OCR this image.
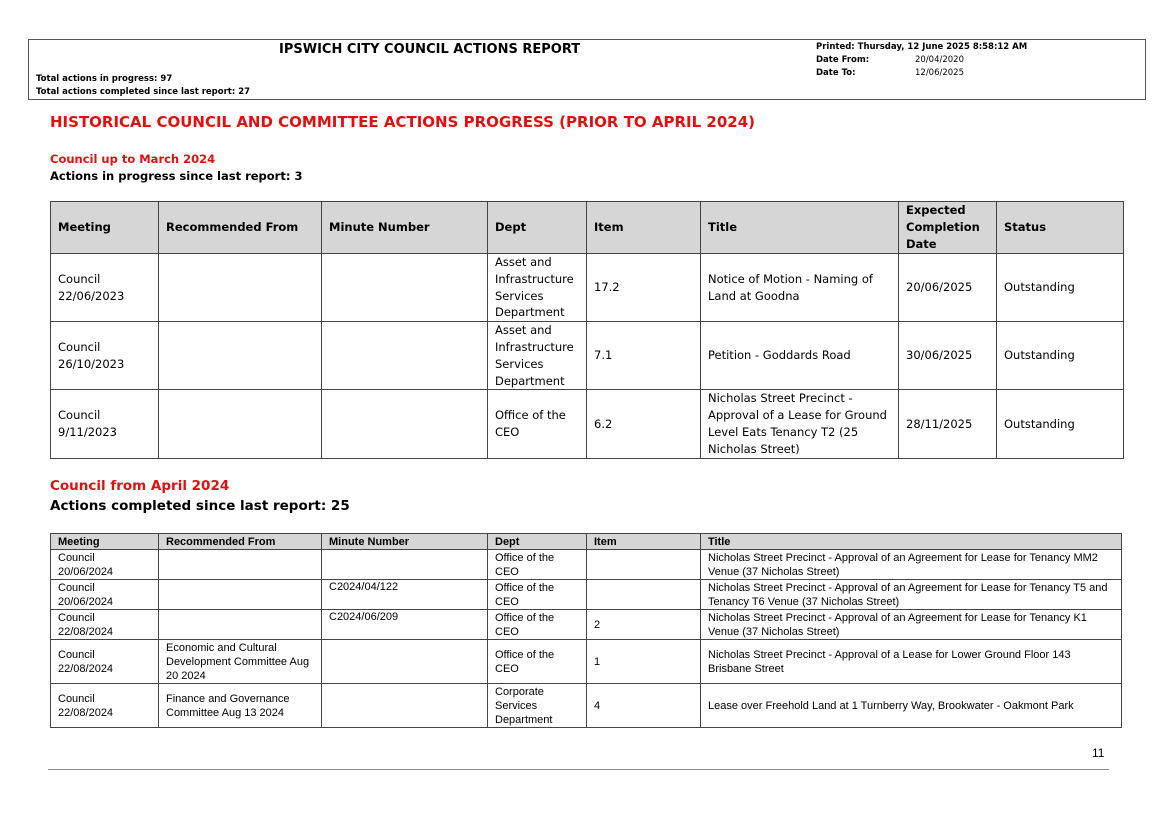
IPSWICH CITY COUNCIL ACTIONS REPORT
Total actions in progress: 97
Total actions completed since last report: 27
Printed: Thursday, 12 June 2025 8:58:12 AM
Date From:	20/04/2020
Date To:	12/06/2025
HISTORICAL COUNCIL AND COMMITTEE ACTIONS PROGRESS (PRIOR TO APRIL 2024)
Council up to March 2024
Actions in progress since last report: 3
Meeting	Recommended From	Minute Number	Dept	Item	Title	Expected Completion Date	Status
Council 22/06/2023			Asset and Infrastructure Services Department	17.2	Notice of Motion - Naming of Land at Goodna	20/06/2025	Outstanding
Council 26/10/2023			Asset and Infrastructure Services Department	7.1	Petition - Goddards Road	30/06/2025	Outstanding
Council 9/11/2023			Office of the CEO	6.2	Nicholas Street Precinct - Approval of a Lease for Ground Level Eats Tenancy T2 (25 Nicholas Street)	28/11/2025	Outstanding
Council from April 2024
Actions completed since last report: 25
Meeting	Recommended From	Minute Number	Dept	Item	Title
Council 20/06/2024			Office of the CEO		Nicholas Street Precinct - Approval of an Agreement for Lease for Tenancy MM2 Venue (37 Nicholas Street)
Council 20/06/2024		C2024/04/122	Office of the CEO		Nicholas Street Precinct - Approval of an Agreement for Lease for Tenancy T5 and Tenancy T6 Venue (37 Nicholas Street)
Council 22/08/2024		C2024/06/209	Office of the CEO	2	Nicholas Street Precinct - Approval of an Agreement for Lease for Tenancy K1 Venue (37 Nicholas Street)
Council 22/08/2024	Economic and Cultural Development Committee Aug 20 2024		Office of the CEO	1	Nicholas Street Precinct - Approval of a Lease for Lower Ground Floor 143 Brisbane Street
Council 22/08/2024	Finance and Governance Committee Aug 13 2024		Corporate Services Department	4	Lease over Freehold Land at 1 Turnberry Way, Brookwater - Oakmont Park
11
